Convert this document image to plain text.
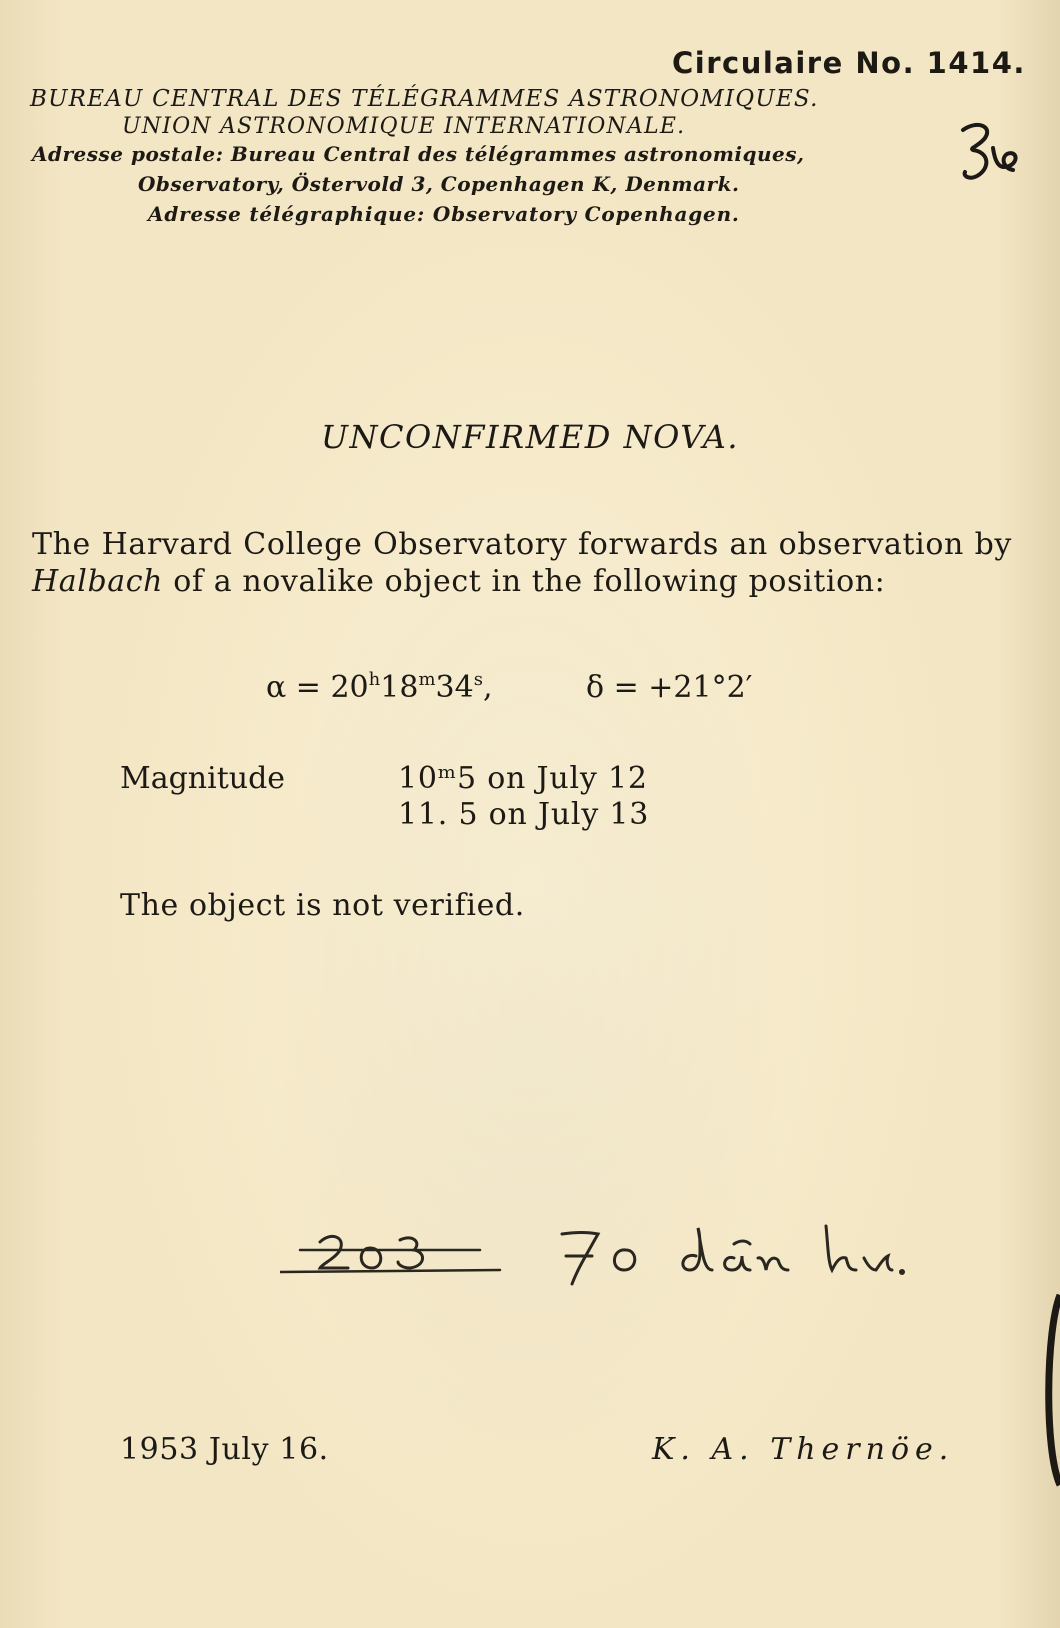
Circulaire No. 1414.
BUREAU CENTRAL DES TÉLÉGRAMMES ASTRONOMIQUES.
UNION ASTRONOMIQUE INTERNATIONALE.
Adresse postale: Bureau Central des télégrammes astronomiques,
Observatory, Östervold 3, Copenhagen K, Denmark.
Adresse télégraphique: Observatory Copenhagen.
UNCONFIRMED NOVA.

The Harvard College Observatory forwards an observation by Halbach of a novalike object in the following position:

$\alpha = 20^h18^m34^s$,	δ = +21°2′
Magnitude	10ᵐ5 on July 12
11. 5 on July 13
The object is not verified.
1953 July 16.	K. A. Thernöe.
